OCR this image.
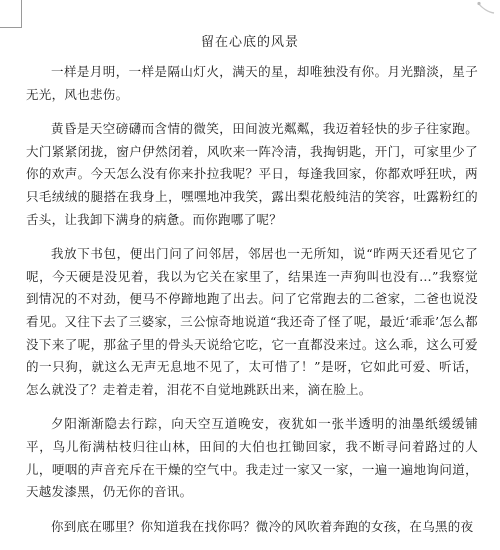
留在心底的风景

一样是月明，一样是隔山灯火，满天的星，却唯独没有你。月光黯淡，星子无光，风也悲伤。

黄昏是天空磅礴而含情的微笑，田间波光粼粼，我迈着轻快的步子往家跑。大门紧紧闭拢，窗户伊然闭着，风吹来一阵冷清，我掏钥匙，开门，可家里少了你的欢声。今天怎么没有你来扑拉我呢？平日，每逢我回家，你都欢呼狂吠，两只毛绒绒的腿搭在我身上，嘿嘿地冲我笑，露出梨花般纯洁的笑容，吐露粉红的舌头，让我卸下满身的病惫。而你跑哪了呢？

我放下书包，便出门问了问邻居，邻居也一无所知，说“昨两天还看见它了呢，今天硬是没见着，我以为它关在家里了，结果连一声狗叫也没有…”我察觉到情况的不对劲，便马不停蹄地跑了出去。问了它常跑去的二爸家，二爸也说没看见。又往下去了三婆家，三公惊奇地说道“我还奇了怪了呢，最近‘乖乖’怎么都没下来了呢，那盆子里的骨头天说给它吃，它一直都没来过。这么乖，这么可爱的一只狗，就这么无声无息地不见了，太可惜了！”是呀，它如此可爱、听话，怎么就没了？走着走着，泪花不自觉地跳跃出来，滴在脸上。

夕阳渐渐隐去行踪，向天空互道晚安，夜犹如一张半透明的油墨纸缓缓铺平，鸟儿衔满枯枝归往山林，田间的大伯也扛锄回家，我不断寻问着路过的人儿，哽咽的声音充斥在干燥的空气中。我走过一家又一家，一遍一遍地询问道，天越发漆黑，仍无你的音讯。

你到底在哪里？你知道我在找你吗？微冷的风吹着奔跑的女孩，在乌黑的夜
